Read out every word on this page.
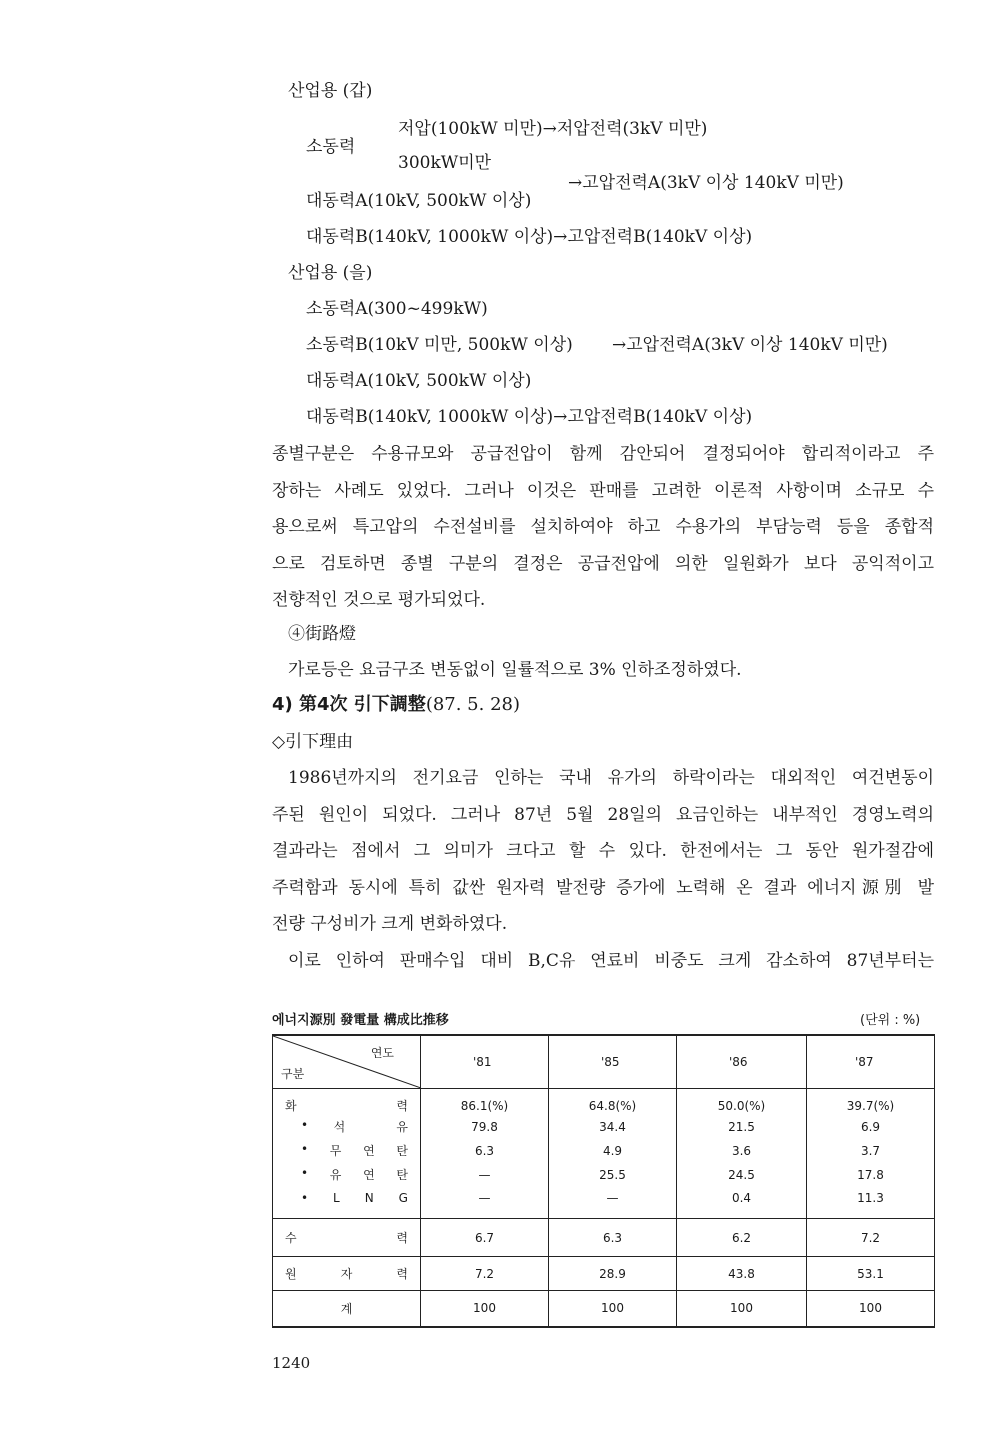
산업용 (갑)
저압(100kW 미만)→저압전력(3kV 미만)
소동력
300kW미만
→고압전력A(3kV 이상 140kV 미만)
대동력A(10kV, 500kW 이상)
대동력B(140kV, 1000kW 이상)→고압전력B(140kV 이상)
산업용 (을)
소동력A(300~499kW)
소동력B(10kV 미만, 500kW 이상) →고압전력A(3kV 이상 140kV 미만)
대동력A(10kV, 500kW 이상)
대동력B(140kV, 1000kW 이상)→고압전력B(140kV 이상)
종별구분은 수용규모와 공급전압이 함께 감안되어 결정되어야 합리적이라고 주
장하는 사례도 있었다. 그러나 이것은 판매를 고려한 이론적 사항이며 소규모 수
용으로써 특고압의 수전설비를 설치하여야 하고 수용가의 부담능력 등을 종합적
으로 검토하면 종별 구분의 결정은 공급전압에 의한 일원화가 보다 공익적이고
전향적인 것으로 평가되었다.
④街路燈
가로등은 요금구조 변동없이 일률적으로 3% 인하조정하였다.
4) 第4次 引下調整(87. 5. 28)
◇引下理由
1986년까지의 전기요금 인하는 국내 유가의 하락이라는 대외적인 여건변동이
주된 원인이 되었다. 그러나 87년 5월 28일의 요금인하는 내부적인 경영노력의
결과라는 점에서 그 의미가 크다고 할 수 있다. 한전에서는 그 동안 원가절감에
주력함과 동시에 특히 값싼 원자력 발전량 증가에 노력해 온 결과 에너지源別 발
전량 구성비가 크게 변화하였다.
이로 인하여 판매수입 대비 B,C유 연료비 비중도 크게 감소하여 87년부터는
에너지源別 發電量 構成比推移	(단위 : %)
연도
구분	'81	'85	'86	'87

화 력	86.1(%)	64.8(%)	50.0(%)	39.7(%)

• 석 유	79.8	34.4	21.5	6.9

• 무 연 탄	6.3	4.9	3.6	3.7

• 유 연 탄	—	25.5	24.5	17.8

• L N G	—	—	0.4	11.3

수 력	6.7	6.3	6.2	7.2

원 자 력	7.2	28.9	43.8	53.1
계	100	100	100	100
1240
